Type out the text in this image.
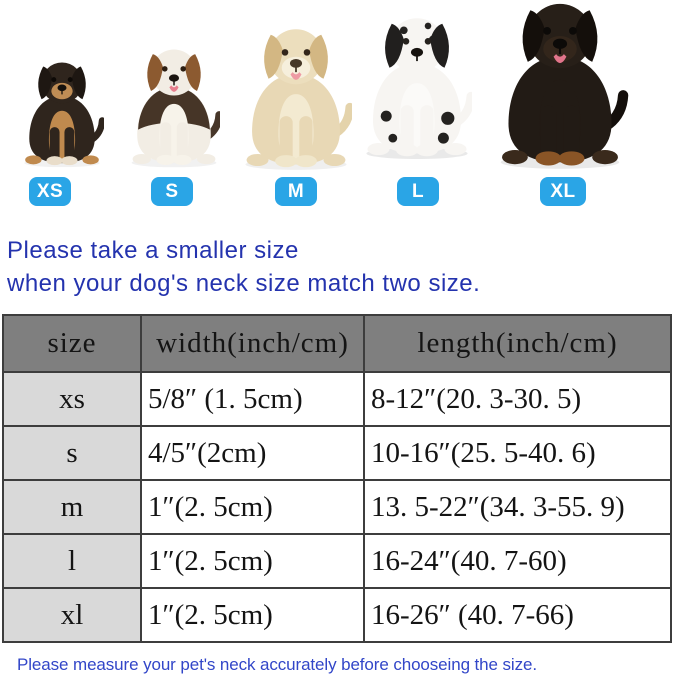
XS	S	M	L	XL
Please take a smaller size
when your dog's neck size match two size.
size	width(inch/cm)	length(inch/cm)
xs	5/8″ (1. 5cm)	8-12″(20. 3-30. 5)
s	4/5″(2cm)	10-16″(25. 5-40. 6)
m	1″(2. 5cm)	13. 5-22″(34. 3-55. 9)
l	1″(2. 5cm)	16-24″(40. 7-60)
xl	1″(2. 5cm)	16-26″ (40. 7-66)
Please measure your pet's neck accurately before chooseing the size.
